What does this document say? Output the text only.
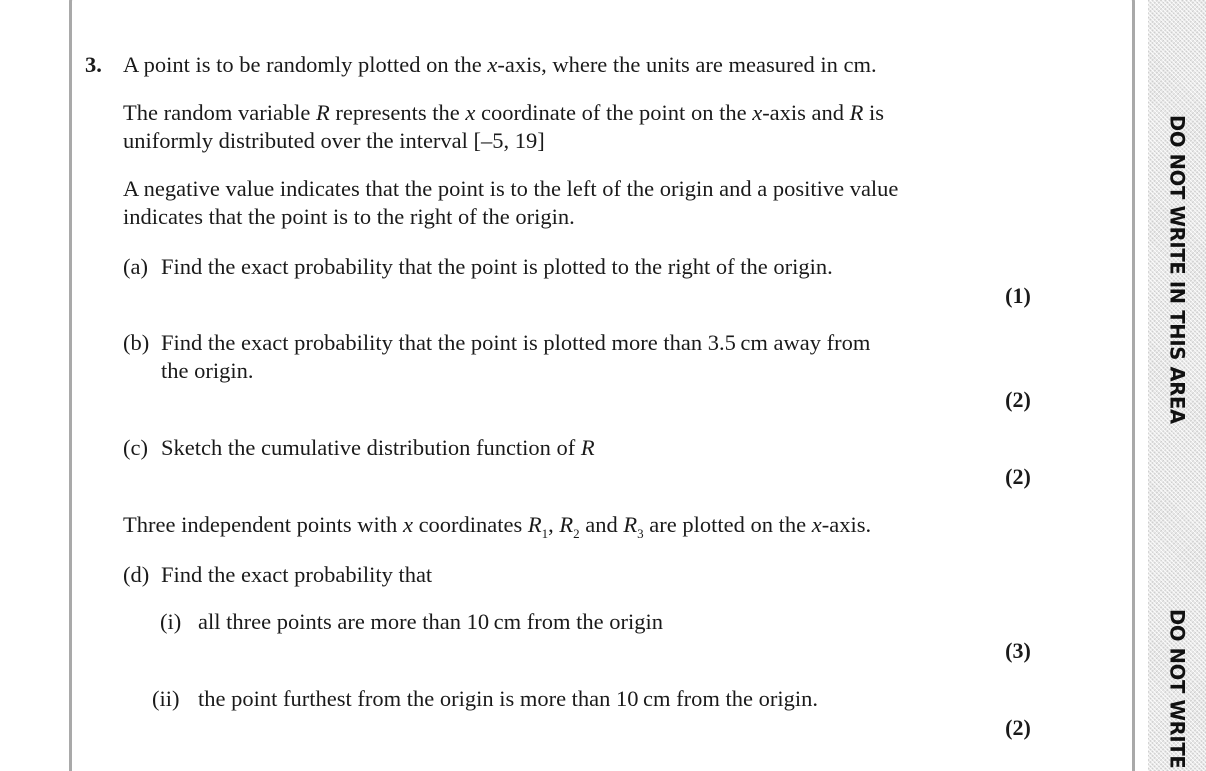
DO NOT WRITE IN THIS AREA
DO NOT WRITE
3. A point is to be randomly plotted on the x-axis, where the units are measured in cm.
The random variable R represents the x coordinate of the point on the x-axis and R is
uniformly distributed over the interval [–5, 19]
A negative value indicates that the point is to the left of the origin and a positive value
indicates that the point is to the right of the origin.
(a) Find the exact probability that the point is plotted to the right of the origin.
(1)
(b) Find the exact probability that the point is plotted more than 3.5 cm away from
the origin.
(2)
(c) Sketch the cumulative distribution function of R
(2)
Three independent points with x coordinates $R_1$, $R_2$ and $R_3$ are plotted on the x-axis.
(d) Find the exact probability that
(i) all three points are more than 10 cm from the origin
(3)
(ii) the point furthest from the origin is more than 10 cm from the origin.
(2)
